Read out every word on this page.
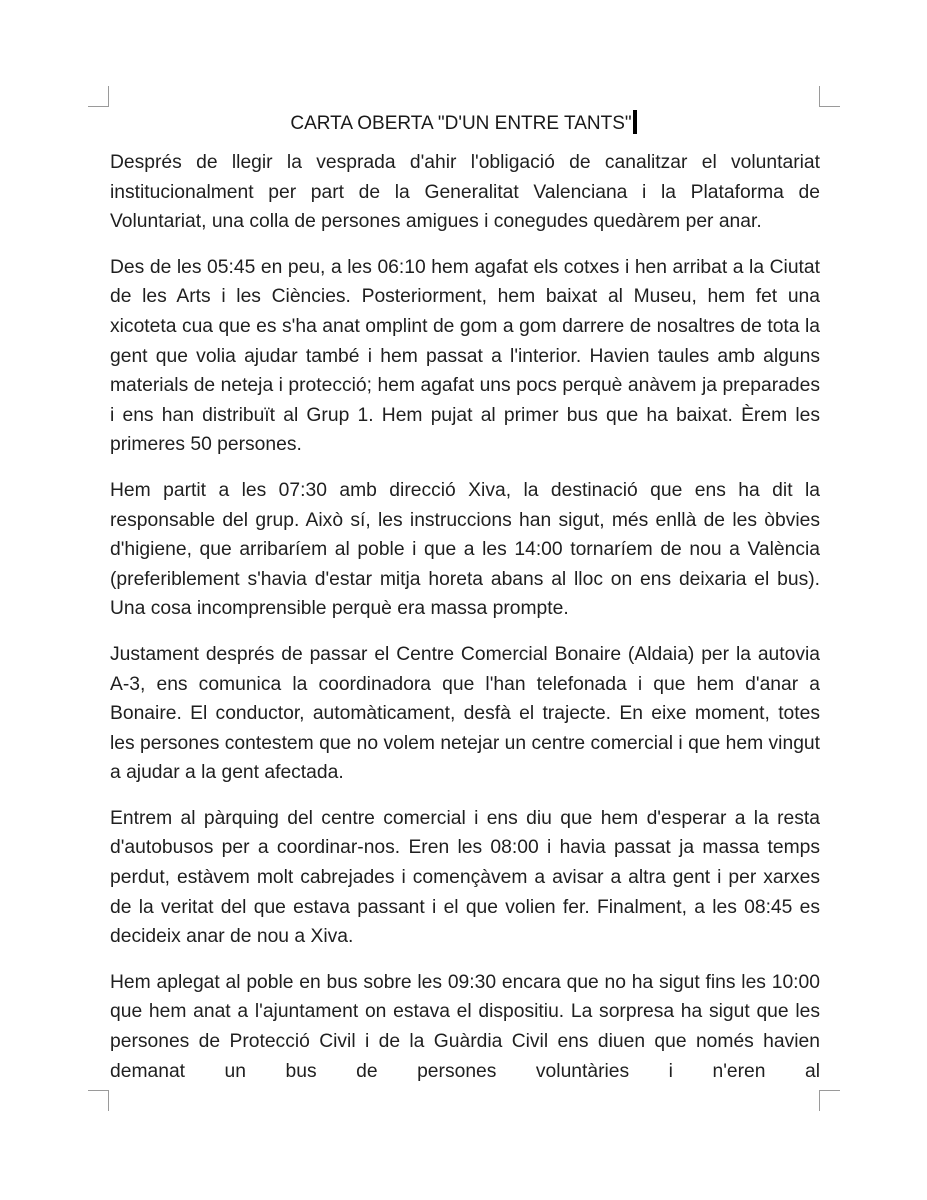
CARTA OBERTA "D'UN ENTRE TANTS"

Després de llegir la vesprada d'ahir l'obligació de canalitzar el voluntariat institucionalment per part de la Generalitat Valenciana i la Plataforma de Voluntariat, una colla de persones amigues i conegudes quedàrem per anar.

Des de les 05:45 en peu, a les 06:10 hem agafat els cotxes i hen arribat a la Ciutat de les Arts i les Ciències. Posteriorment, hem baixat al Museu, hem fet una xicoteta cua que es s'ha anat omplint de gom a gom darrere de nosaltres de tota la gent que volia ajudar també i hem passat a l'interior. Havien taules amb alguns materials de neteja i protecció; hem agafat uns pocs perquè anàvem ja preparades i ens han distribuït al Grup 1. Hem pujat al primer bus que ha baixat. Èrem les primeres 50 persones.

Hem partit a les 07:30 amb direcció Xiva, la destinació que ens ha dit la responsable del grup. Això sí, les instruccions han sigut, més enllà de les òbvies d'higiene, que arribaríem al poble i que a les 14:00 tornaríem de nou a València (preferiblement s'havia d'estar mitja horeta abans al lloc on ens deixaria el bus). Una cosa incomprensible perquè era massa prompte.

Justament després de passar el Centre Comercial Bonaire (Aldaia) per la autovia A-3, ens comunica la coordinadora que l'han telefonada i que hem d'anar a Bonaire. El conductor, automàticament, desfà el trajecte. En eixe moment, totes les persones contestem que no volem netejar un centre comercial i que hem vingut a ajudar a la gent afectada.

Entrem al pàrquing del centre comercial i ens diu que hem d'esperar a la resta d'autobusos per a coordinar-nos. Eren les 08:00 i havia passat ja massa temps perdut, estàvem molt cabrejades i començàvem a avisar a altra gent i per xarxes de la veritat del que estava passant i el que volien fer. Finalment, a les 08:45 es decideix anar de nou a Xiva.

Hem aplegat al poble en bus sobre les 09:30 encara que no ha sigut fins les 10:00 que hem anat a l'ajuntament on estava el dispositiu. La sorpresa ha sigut que les persones de Protecció Civil i de la Guàrdia Civil ens diuen que només havien demanat un bus de persones voluntàries i n'eren al
